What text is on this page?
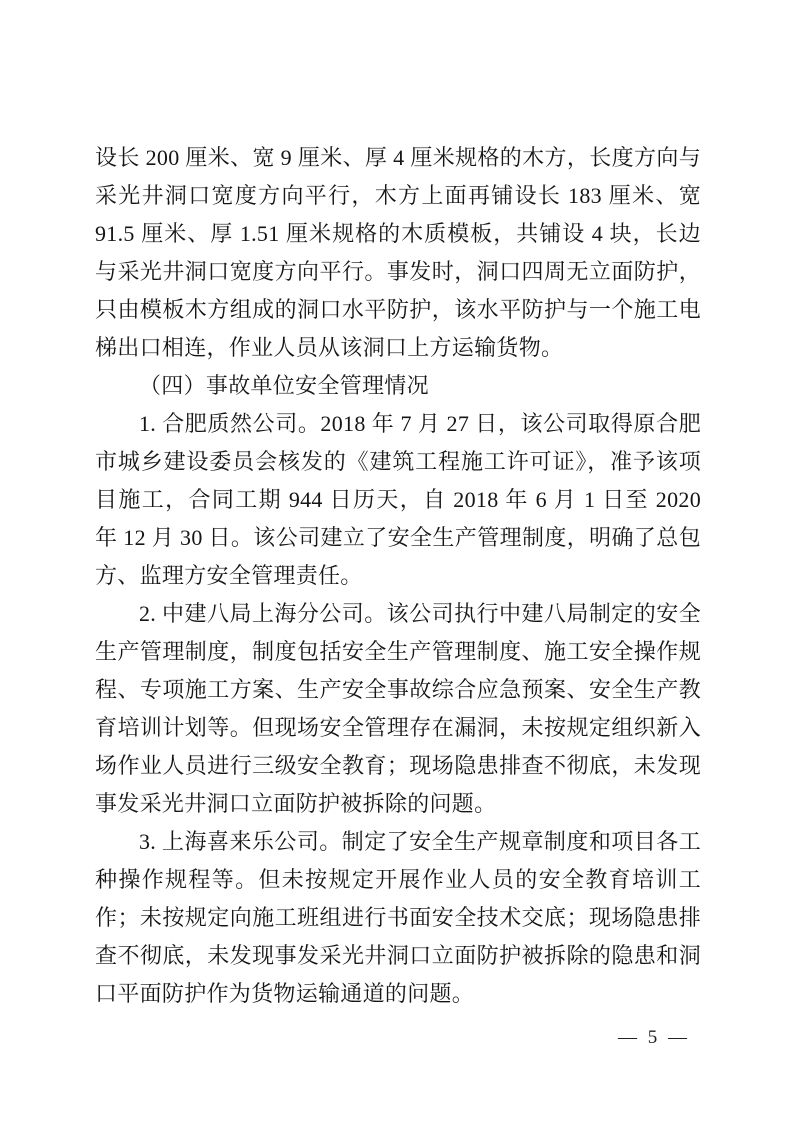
设长 200 厘米、宽 9 厘米、厚 4 厘米规格的木方，长度方向与采光井洞口宽度方向平行，木方上面再铺设长 183 厘米、宽 91.5 厘米、厚 1.51 厘米规格的木质模板，共铺设 4 块，长边与采光井洞口宽度方向平行。事发时，洞口四周无立面防护，只由模板木方组成的洞口水平防护，该水平防护与一个施工电梯出口相连，作业人员从该洞口上方运输货物。

（四）事故单位安全管理情况

1. 合肥质然公司。2018 年 7 月 27 日，该公司取得原合肥市城乡建设委员会核发的《建筑工程施工许可证》，准予该项目施工，合同工期 944 日历天，自 2018 年 6 月 1 日至 2020 年 12 月 30 日。该公司建立了安全生产管理制度，明确了总包方、监理方安全管理责任。

2. 中建八局上海分公司。该公司执行中建八局制定的安全生产管理制度，制度包括安全生产管理制度、施工安全操作规程、专项施工方案、生产安全事故综合应急预案、安全生产教育培训计划等。但现场安全管理存在漏洞，未按规定组织新入场作业人员进行三级安全教育；现场隐患排查不彻底，未发现事发采光井洞口立面防护被拆除的问题。

3. 上海喜来乐公司。制定了安全生产规章制度和项目各工种操作规程等。但未按规定开展作业人员的安全教育培训工作；未按规定向施工班组进行书面安全技术交底；现场隐患排查不彻底，未发现事发采光井洞口立面防护被拆除的隐患和洞口平面防护作为货物运输通道的问题。

— 5 —
